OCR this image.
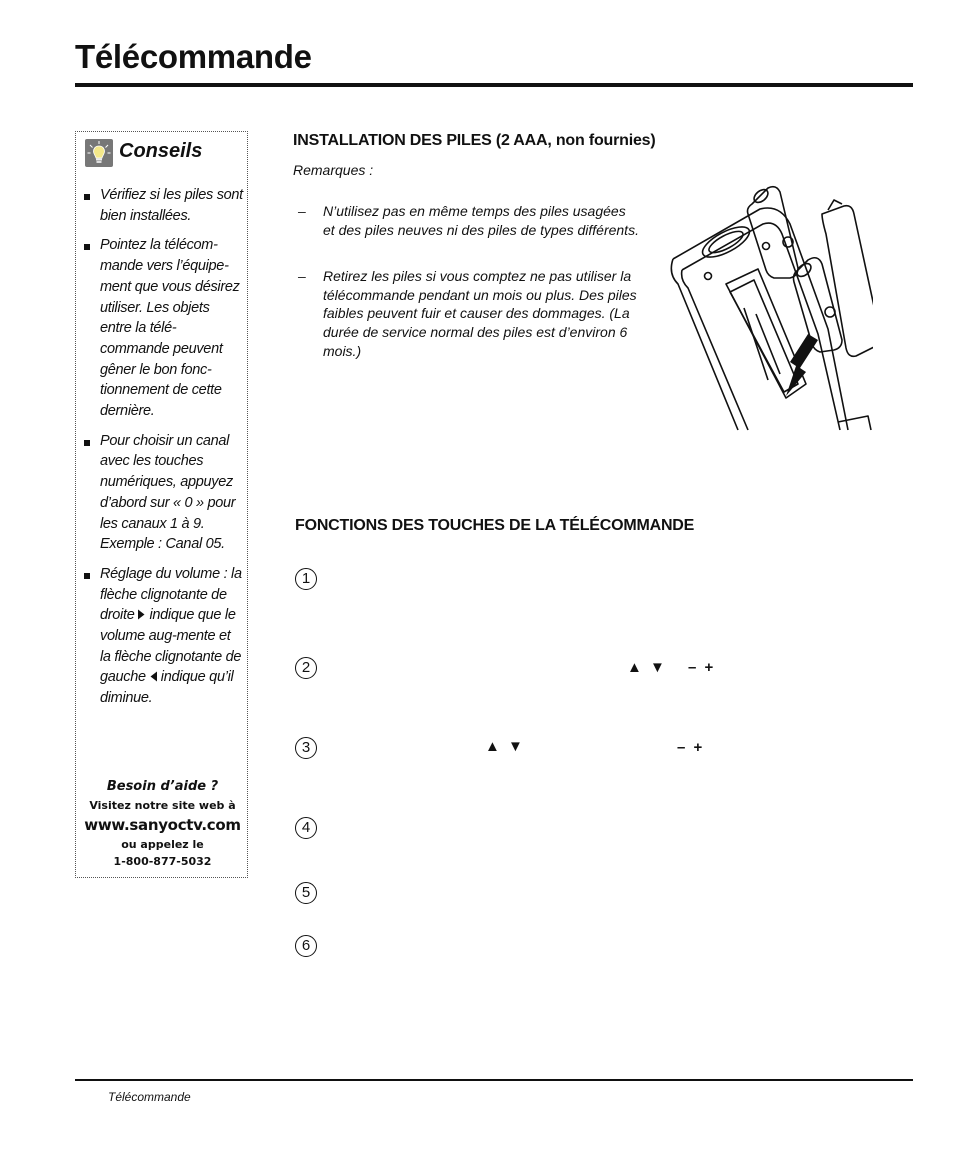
Télécommande
Conseils
Vérifiez si les piles sont bien installées.
Pointez la télécom-mande vers l’équipe-ment que vous désirez utiliser. Les objets entre la télé-commande peuvent gêner le bon fonc-tionnement de cette dernière.
Pour choisir un canal avec les touches numériques, appuyez d’abord sur « 0 » pour les canaux 1 à 9. Exemple : Canal 05.
Réglage du volume : la flèche clignotante de droite indique que le volume aug-mente et la flèche clignotante de gauche indique qu’il diminue.
Besoin d’aide ?
Visitez notre site web à
www.sanyoctv.com
ou appelez le
1-800-877-5032
INSTALLATION DES PILES (2 AAA, non fournies)
Remarques :
– N’utilisez pas en même temps des piles usagées et des piles neuves ni des piles de types différents.
– Retirez les piles si vous comptez ne pas utiliser la télécommande pendant un mois ou plus. Des piles faibles peuvent fuir et causer des dommages. (La durée de service normal des piles est d’environ 6 mois.)
FONCTIONS DES TOUCHES DE LA TÉLÉCOMMANDE
1
2	▲ ▼ – +
3	▲ ▼	– +
4
5
6
Télécommande
